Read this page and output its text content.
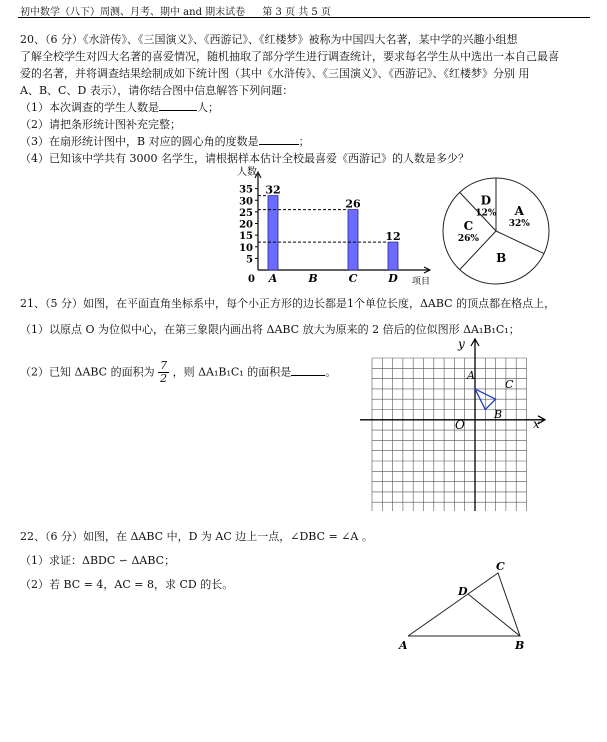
初中数学（八下）周测、月考、期中 and 期末试卷 第 3 页 共 5 页
20、（6 分）《水浒传》、《三国演义》、《西游记》、《红楼梦》被称为中国四大名著，某中学的兴趣小组想
了解全校学生对四大名著的喜爱情况，随机抽取了部分学生进行调查统计，要求每名学生从中选出一本自己最喜
爱的名著，并将调查结果绘制成如下统计图（其中《水浒传》、《三国演义》、《西游记》、《红楼梦》分别 用
A、B、C、D 表示），请你结合图中信息解答下列问题：
（1）本次调查的学生人数是	人；
（2）请把条形统计图补充完整；
（3）在扇形统计图中，B 对应的圆心角的度数是	；
（4）已知该中学共有 3000 名学生，请根据样本估计全校最喜爱《西游记》的人数是多少？
人数
项目
0
5
10
15
20
25
30
35 32
A	B
26
C
12
D
A
32%
B
C
26%
D
12%
21、（5 分）如图，在平面直角坐标系中，每个小正方形的边长都是1个单位长度，ΔABC 的顶点都在格点上，
（1）以原点 O 为位似中心，在第三象限内画出将 ΔABC 放大为原来的 2 倍后的位似图形 ΔA₁B₁C₁；
（2）已知 ΔABC 的面积为 $\frac{7}{2}$ ，则 ΔA₁B₁C₁ 的面积是	。
y
x
O
A
C
B
22、（6 分）如图，在 ΔABC 中，D 为 AC 边上一点，∠DBC = ∠A 。
（1）求证：ΔBDC ∽ ΔABC；
（2）若 BC = 4，AC = 8，求 CD 的长。
A	B
C
D
